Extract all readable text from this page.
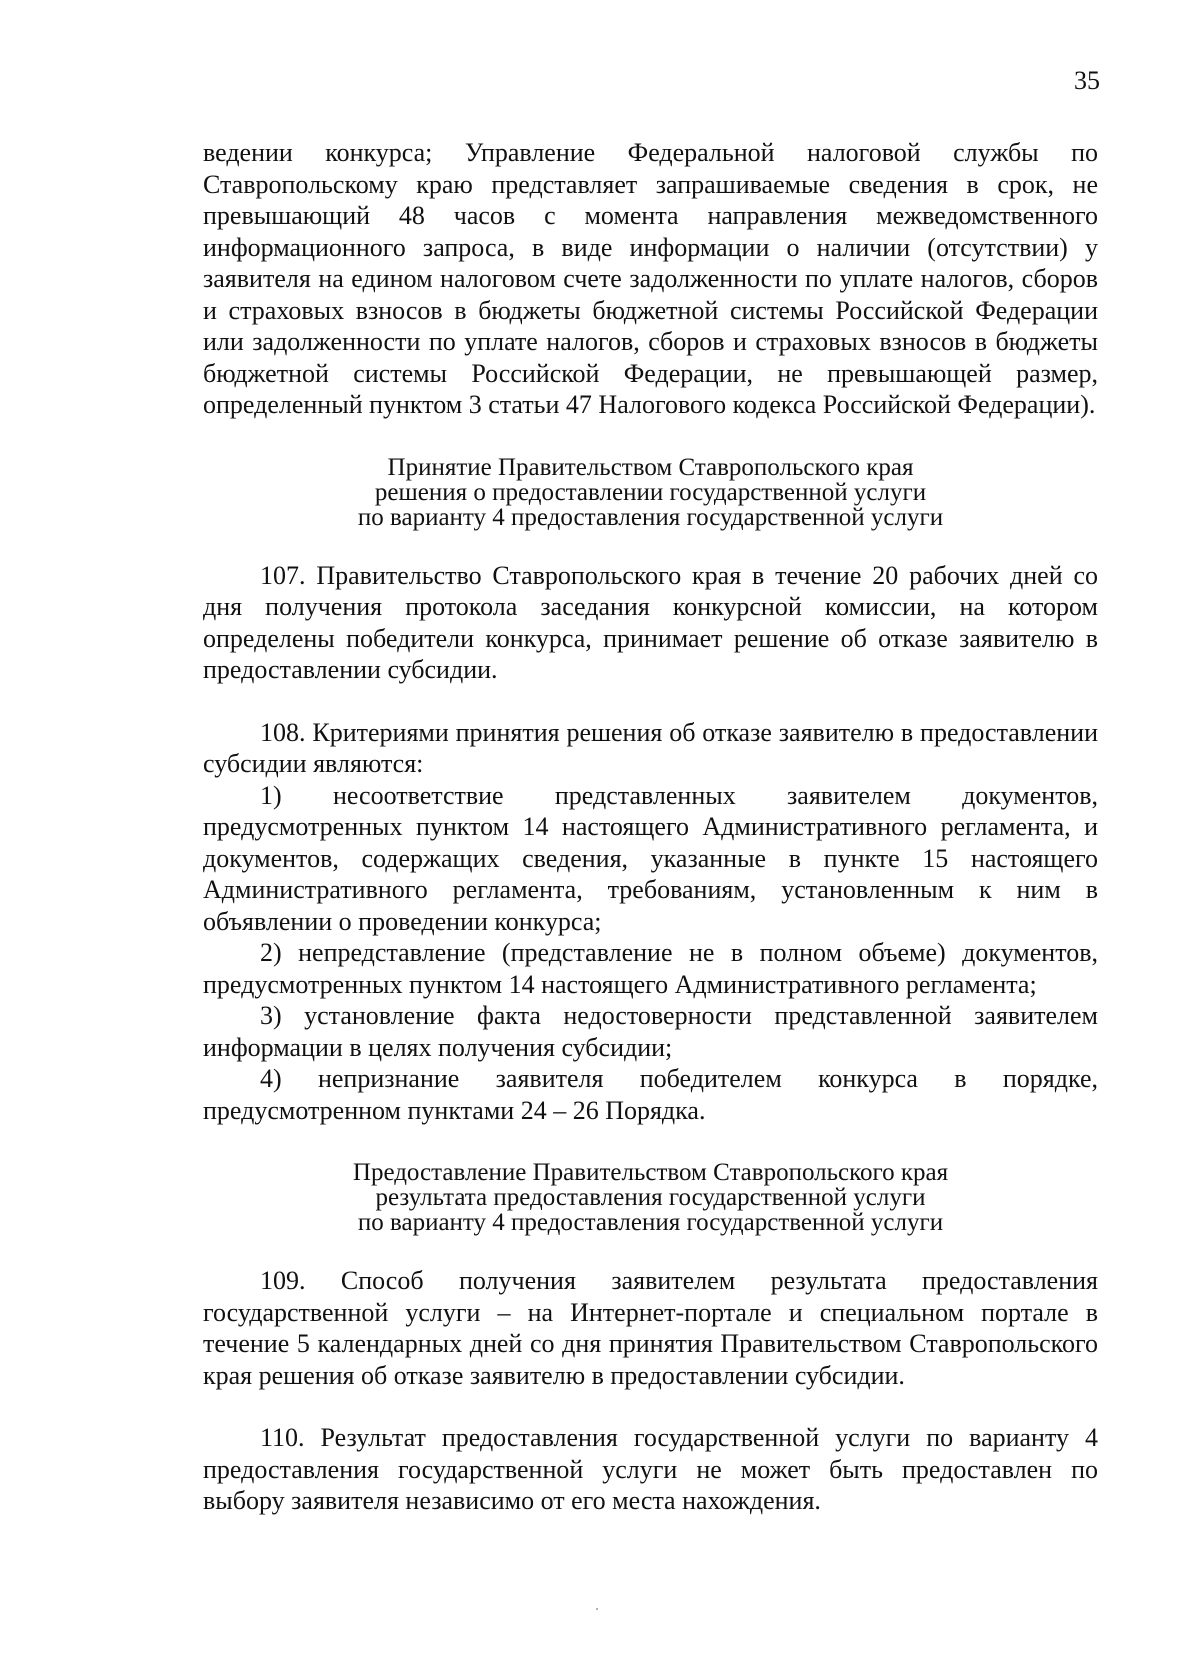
35

ведении конкурса; Управление Федеральной налоговой службы по Ставропольскому краю представляет запрашиваемые сведения в срок, не превышающий 48 часов с момента направления межведомственного информационного запроса, в виде информации о наличии (отсутствии) у заявителя на едином налоговом счете задолженности по уплате налогов, сборов и страховых взносов в бюджеты бюджетной системы Российской Федерации или задолженности по уплате налогов, сборов и страховых взносов в бюджеты бюджетной системы Российской Федерации, не превышающей размер, определенный пунктом 3 статьи 47 Налогового кодекса Российской Федерации).

Принятие Правительством Ставропольского края
решения о предоставлении государственной услуги
по варианту 4 предоставления государственной услуги

107. Правительство Ставропольского края в течение 20 рабочих дней со дня получения протокола заседания конкурсной комиссии, на котором определены победители конкурса, принимает решение об отказе заявителю в предоставлении субсидии.

108. Критериями принятия решения об отказе заявителю в предоставлении субсидии являются:

1) несоответствие представленных заявителем документов, предусмотренных пунктом 14 настоящего Административного регламента, и документов, содержащих сведения, указанные в пункте 15 настоящего Административного регламента, требованиям, установленным к ним в объявлении о проведении конкурса;

2) непредставление (представление не в полном объеме) документов, предусмотренных пунктом 14 настоящего Административного регламента;

3) установление факта недостоверности представленной заявителем информации в целях получения субсидии;

4) непризнание заявителя победителем конкурса в порядке, предусмотренном пунктами 24 – 26 Порядка.

Предоставление Правительством Ставропольского края
результата предоставления государственной услуги
по варианту 4 предоставления государственной услуги

109. Способ получения заявителем результата предоставления государственной услуги – на Интернет-портале и специальном портале в течение 5 календарных дней со дня принятия Правительством Ставропольского края решения об отказе заявителю в предоставлении субсидии.

110. Результат предоставления государственной услуги по варианту 4 предоставления государственной услуги не может быть предоставлен по выбору заявителя независимо от его места нахождения.
